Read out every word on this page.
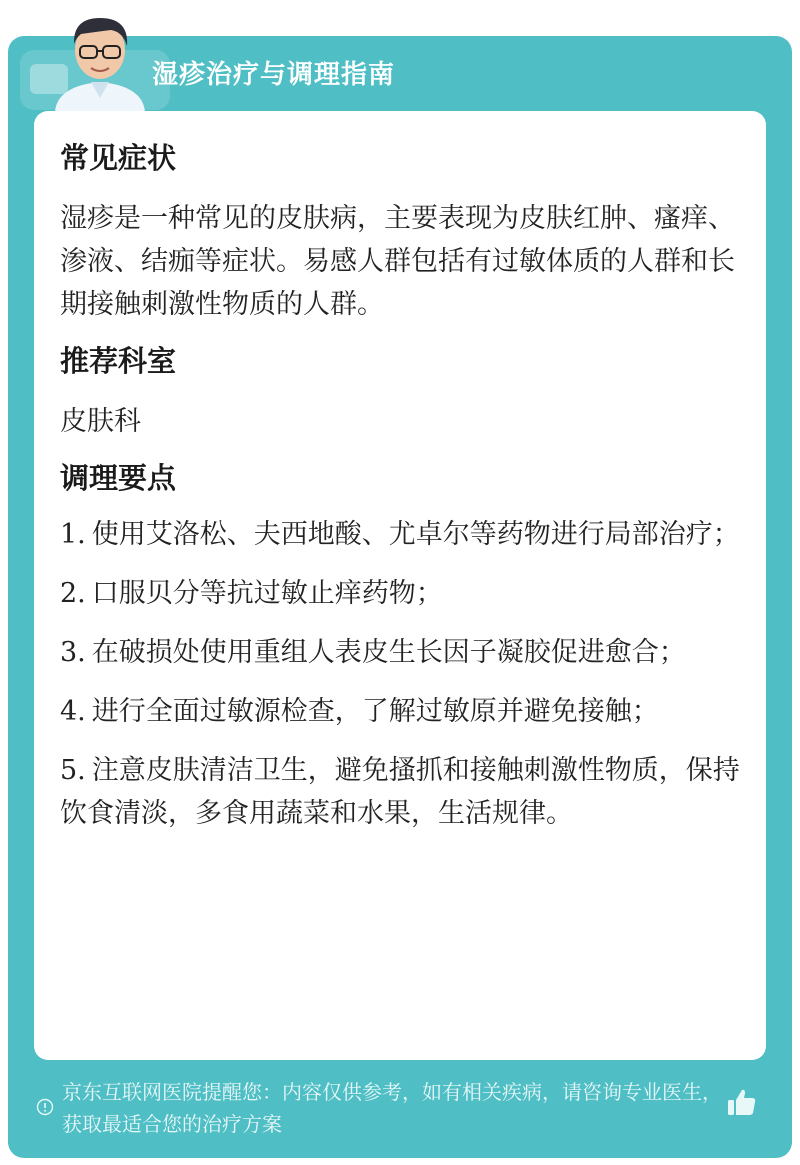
湿疹治疗与调理指南
常见症状

湿疹是一种常见的皮肤病，主要表现为皮肤红肿、瘙痒、渗液、结痂等症状。易感人群包括有过敏体质的人群和长期接触刺激性物质的人群。

推荐科室

皮肤科

调理要点
1. 使用艾洛松、夫西地酸、尤卓尔等药物进行局部治疗；
2. 口服贝分等抗过敏止痒药物；
3. 在破损处使用重组人表皮生长因子凝胶促进愈合；
4. 进行全面过敏源检查，了解过敏原并避免接触；
5. 注意皮肤清洁卫生，避免搔抓和接触刺激性物质，保持饮食清淡，多食用蔬菜和水果，生活规律。
京东互联网医院提醒您：内容仅供参考，如有相关疾病，请咨询专业医生，获取最适合您的治疗方案
